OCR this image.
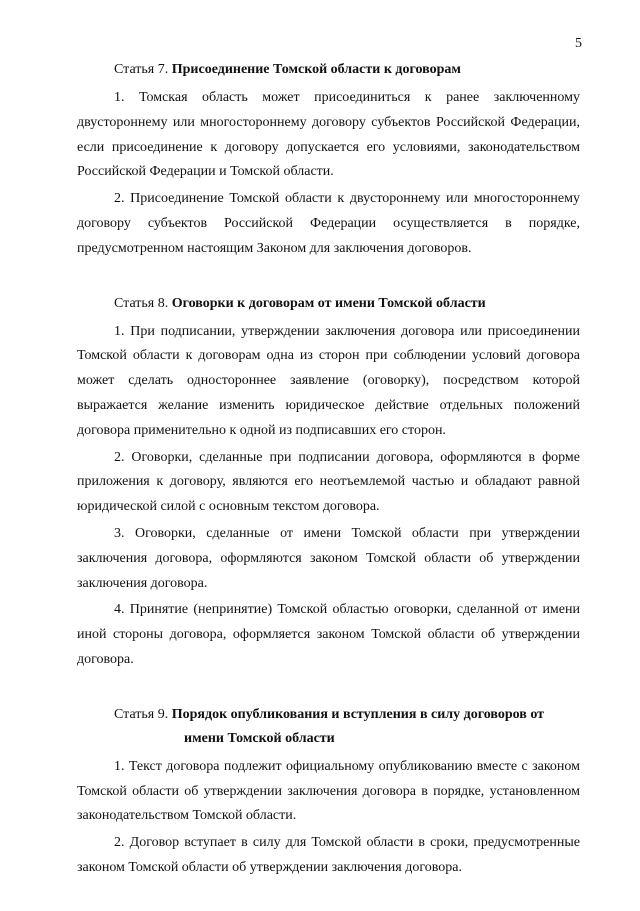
5
Статья 7. Присоединение Томской области к договорам

1. Томская область может присоединиться к ранее заключенному двустороннему или многостороннему договору субъектов Российской Федерации, если присоединение к договору допускается его условиями, законодательством Российской Федерации и Томской области.

2. Присоединение Томской области к двустороннему или многостороннему договору субъектов Российской Федерации осуществляется в порядке, предусмотренном настоящим Законом для заключения договоров.

Статья 8. Оговорки к договорам от имени Томской области

1. При подписании, утверждении заключения договора или присоединении Томской области к договорам одна из сторон при соблюдении условий договора может сделать одностороннее заявление (оговорку), посредством которой выражается желание изменить юридическое действие отдельных положений договора применительно к одной из подписавших его сторон.

2. Оговорки, сделанные при подписании договора, оформляются в форме приложения к договору, являются его неотъемлемой частью и обладают равной юридической силой с основным текстом договора.

3. Оговорки, сделанные от имени Томской области при утверждении заключения договора, оформляются законом Томской области об утверждении заключения договора.

4. Принятие (непринятие) Томской областью оговорки, сделанной от имени иной стороны договора, оформляется законом Томской области об утверждении договора.

Статья 9. Порядок опубликования и вступления в силу договоров от
имени Томской области

1. Текст договора подлежит официальному опубликованию вместе с законом Томской области об утверждении заключения договора в порядке, установленном законодательством Томской области.

2. Договор вступает в силу для Томской области в сроки, предусмотренные законом Томской области об утверждении заключения договора.
